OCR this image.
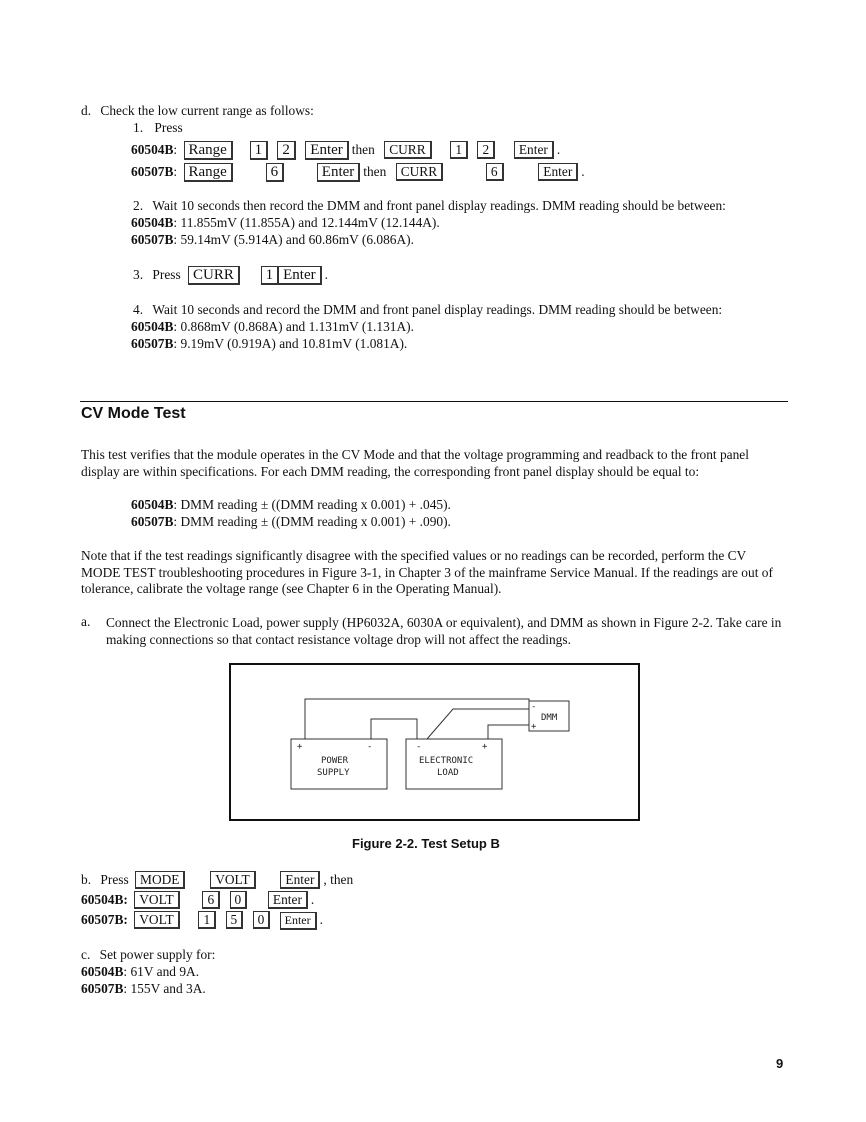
d. Check the low current range as follows:
1. Press
60504B: Range 1 2 Enter then CURR 1 2 Enter .
60507B: Range	6	Enter then CURR	6	Enter .
2. Wait 10 seconds then record the DMM and front panel display readings. DMM reading should be between:
60504B: 11.855mV (11.855A) and 12.144mV (12.144A).
60507B: 59.14mV (5.914A) and 60.86mV (6.086A).
3. Press CURR 1 Enter .
4. Wait 10 seconds and record the DMM and front panel display readings. DMM reading should be between:
60504B: 0.868mV (0.868A) and 1.131mV (1.131A).
60507B: 9.19mV (0.919A) and 10.81mV (1.081A).
CV Mode Test
This test verifies that the module operates in the CV Mode and that the voltage programming and readback to the front panel display are within specifications. For each DMM reading, the corresponding front panel display should be equal to:
60504B: DMM reading ± ((DMM reading x 0.001) + .045).
60507B: DMM reading ± ((DMM reading x 0.001) + .090).
Note that if the test readings significantly disagree with the specified values or no readings can be recorded, perform the CV MODE TEST troubleshooting procedures in Figure 3-1, in Chapter 3 of the mainframe Service Manual. If the readings are out of tolerance, calibrate the voltage range (see Chapter 6 in the Operating Manual).
a. Connect the Electronic Load, power supply (HP6032A, 6030A or equivalent), and DMM as shown in Figure 2-2. Take care in making connections so that contact resistance voltage drop will not affect the readings.
+	-	-	+
POWER
SUPPLY
ELECTRONIC
LOAD
DMM
-
+
Figure 2-2. Test Setup B
b. Press MODE	VOLT	Enter , then
60504B: VOLT	6 0 Enter .
60507B: VOLT 1 5 0 Enter .
c. Set power supply for:
60504B: 61V and 9A.
60507B: 155V and 3A.
9
